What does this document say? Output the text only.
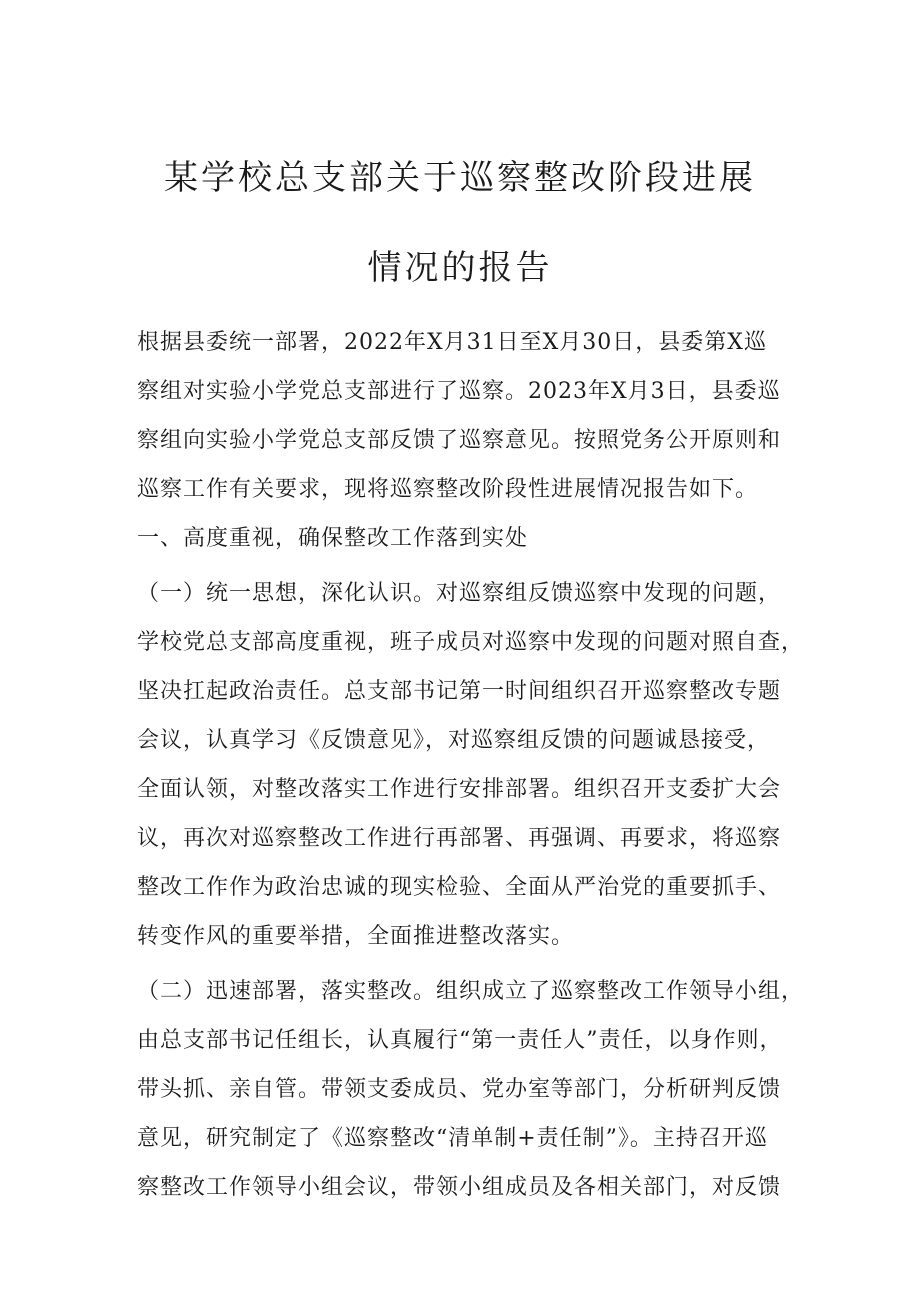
某学校总支部关于巡察整改阶段进展
情况的报告
根据县委统一部署，2022年X月31日至X月30日，县委第X巡
察组对实验小学党总支部进行了巡察。2023年X月3日，县委巡
察组向实验小学党总支部反馈了巡察意见。按照党务公开原则和
巡察工作有关要求，现将巡察整改阶段性进展情况报告如下。
一、高度重视，确保整改工作落到实处
（一）统一思想，深化认识。对巡察组反馈巡察中发现的问题，
学校党总支部高度重视，班子成员对巡察中发现的问题对照自查，
坚决扛起政治责任。总支部书记第一时间组织召开巡察整改专题
会议，认真学习《反馈意见》，对巡察组反馈的问题诚恳接受，
全面认领，对整改落实工作进行安排部署。组织召开支委扩大会
议，再次对巡察整改工作进行再部署、再强调、再要求，将巡察
整改工作作为政治忠诚的现实检验、全面从严治党的重要抓手、
转变作风的重要举措，全面推进整改落实。
（二）迅速部署，落实整改。组织成立了巡察整改工作领导小组，
由总支部书记任组长，认真履行“第一责任人”责任，以身作则，
带头抓、亲自管。带领支委成员、党办室等部门，分析研判反馈
意见，研究制定了《巡察整改“清单制+责任制”》。主持召开巡
察整改工作领导小组会议，带领小组成员及各相关部门，对反馈
